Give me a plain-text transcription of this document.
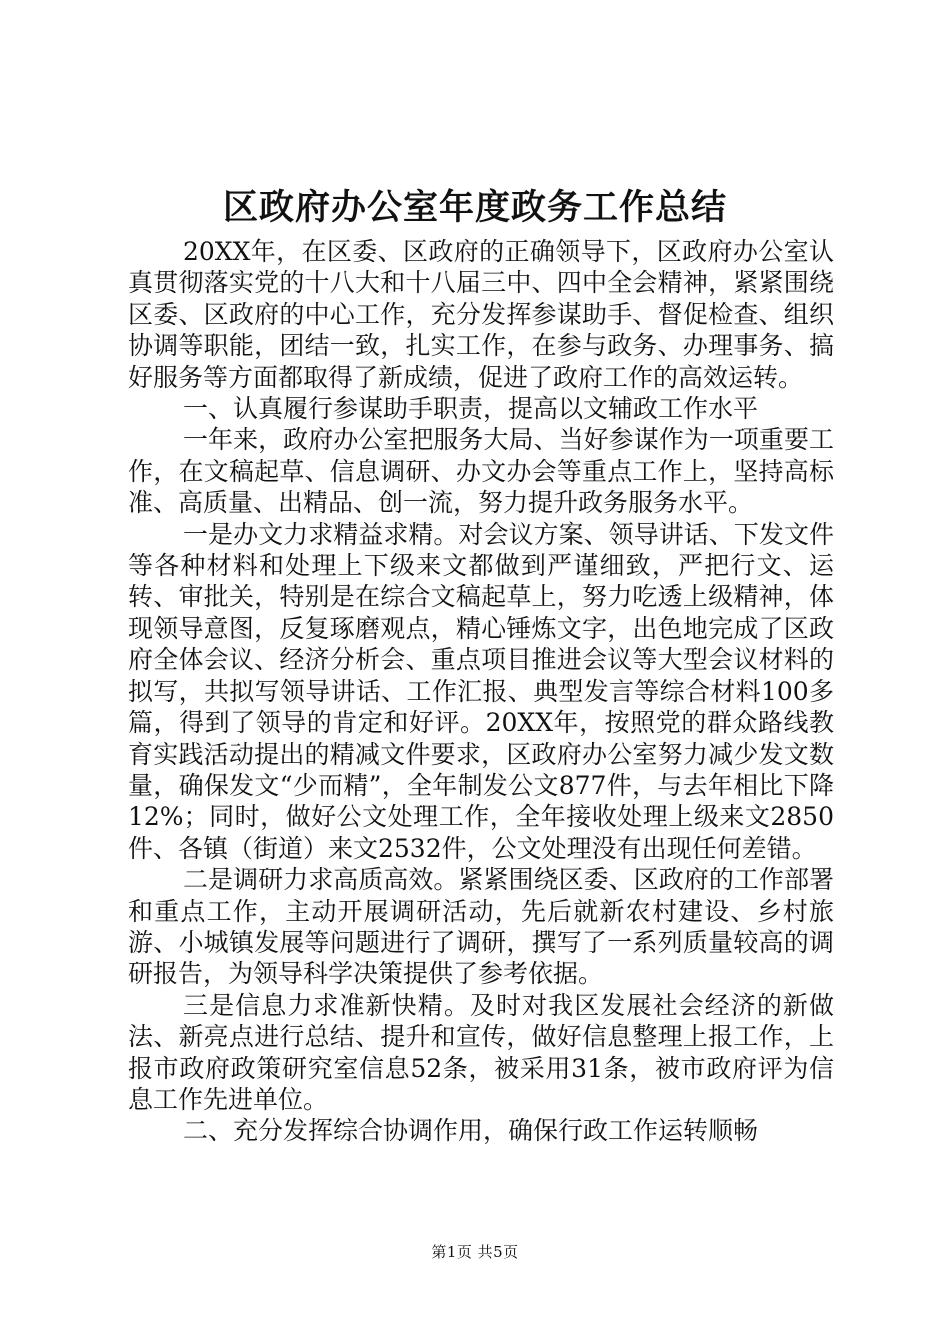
区政府办公室年度政务工作总结

20XX年，在区委、区政府的正确领导下，区政府办公室认真贯彻落实党的十八大和十八届三中、四中全会精神，紧紧围绕区委、区政府的中心工作，充分发挥参谋助手、督促检查、组织协调等职能，团结一致，扎实工作，在参与政务、办理事务、搞好服务等方面都取得了新成绩，促进了政府工作的高效运转。

一、认真履行参谋助手职责，提高以文辅政工作水平

一年来，政府办公室把服务大局、当好参谋作为一项重要工作，在文稿起草、信息调研、办文办会等重点工作上，坚持高标准、高质量、出精品、创一流，努力提升政务服务水平。

一是办文力求精益求精。对会议方案、领导讲话、下发文件等各种材料和处理上下级来文都做到严谨细致，严把行文、运转、审批关，特别是在综合文稿起草上，努力吃透上级精神，体现领导意图，反复琢磨观点，精心锤炼文字，出色地完成了区政府全体会议、经济分析会、重点项目推进会议等大型会议材料的拟写，共拟写领导讲话、工作汇报、典型发言等综合材料100多篇，得到了领导的肯定和好评。20XX年，按照党的群众路线教育实践活动提出的精减文件要求，区政府办公室努力减少发文数量，确保发文“少而精”，全年制发公文877件，与去年相比下降12%；同时，做好公文处理工作，全年接收处理上级来文2850件、各镇（街道）来文2532件，公文处理没有出现任何差错。

二是调研力求高质高效。紧紧围绕区委、区政府的工作部署和重点工作，主动开展调研活动，先后就新农村建设、乡村旅游、小城镇发展等问题进行了调研，撰写了一系列质量较高的调研报告，为领导科学决策提供了参考依据。

三是信息力求准新快精。及时对我区发展社会经济的新做法、新亮点进行总结、提升和宣传，做好信息整理上报工作，上报市政府政策研究室信息52条，被采用31条，被市政府评为信息工作先进单位。

二、充分发挥综合协调作用，确保行政工作运转顺畅

第1页 共5页
